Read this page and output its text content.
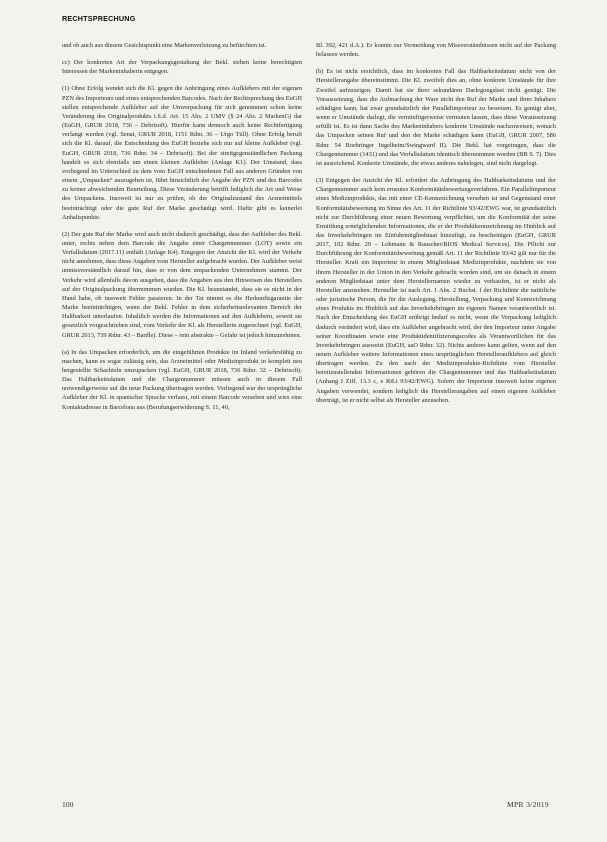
RECHTSPRECHUNG

und ob auch aus diesem Gesichtspunkt eine Markenverletzung zu befürchten ist.

cc) Der konkreten Art der Verpackungsgestaltung der Bekl. stehen keine berechtigten Interessen der Markeninhaberin entgegen.

(1) Ohne Erfolg wendet sich die Kl. gegen die Anbringung eines Aufklebers mit der eigenen PZN des Importeurs und eines entsprechenden Barcodes. Nach der Rechtsprechung des EuGH stellen entsprechende Aufkleber auf der Umverpackung für sich genommen schon keine Veränderung des Originalprodukts i.S.d. Art. 15 Abs. 2 UMV (§ 24 Abs. 2 MarkenG) dar (EuGH, GRUR 2018, 736 – Debrisoft). Hierfür kann dennoch auch keine Rechtfertigung verlangt werden (vgl. Senat, GRUR 2018, 1151 Rdnr. 36 – Urgo Tüll). Ohne Erfolg beruft sich die Kl. darauf, die Entscheidung des EuGH beziehe sich nur auf kleine Aufkleber (vgl. EuGH, GRUR 2018, 736 Rdnr. 34 – Debrisoft). Bei der streitgegenständlichen Packung handelt es sich ebenfalls um einen kleinen Aufkleber (Anlage K1). Der Umstand, dass vorliegend im Unterschied zu dem vom EuGH entschiedenen Fall aus anderen Gründen von einem „Umpacken“ auszugehen ist, führt hinsichtlich der Angabe der PZN und des Barcodes zu keiner abweichenden Beurteilung. Diese Veränderung betrifft lediglich die Art und Weise des Umpackens. Insoweit ist nur zu prüfen, ob der Originalzustand des Arzneimittels beeinträchtigt oder die gute Ruf der Marke geschädigt wird. Dafür gibt es keinerlei Anhaltspunkte.

(2) Der gute Ruf der Marke wird auch nicht dadurch geschädigt, dass der Aufkleber des Bekl. unter, rechts neben dem Barcode die Angabe einer Chargennummer (LOT) sowie ein Verfallsdatum (2017.11) enthält (Anlage K4). Entgegen der Ansicht der Kl. wird der Verkehr nicht annehmen, dass diese Angaben vom Hersteller aufgebracht wurden. Der Aufkleber weist unmissverständlich darauf hin, dass er von dem umpackenden Unternehmen stammt. Der Verkehr wird allenfalls davon ausgehen, dass die Angaben aus den Hinweisen des Herstellers auf der Originalpackung übernommen wurden. Die Kl. beanstandet, dass sie es nicht in der Hand habe, ob insoweit Fehler passieren. In der Tat nimmt es die Herkunftsgarantie der Marke beeinträchtigen, wenn der Bekl. Fehler in dem sicherheitsrelevanten Bereich der Haltbarkeit unterlaufen. Inhaltlich werden die Informationen auf den Aufklebern, soweit sie gesetzlich vorgeschrieben sind, vom Verkehr der Kl. als Herstellerin zugerechnet (vgl. EuGH, GRUR 2013, 739 Rdnr. 43 – Bardle). Diese – rein abstrakte – Gefahr ist jedoch hinzunehmen.

(a) In das Umpacken erforderlich, um die eingeführten Produkte im Inland verkehrsfähig zu machen, kann es sogar zulässig sein, das Arzneimittel oder Medizinprodukt in komplett neu hergestellte Schachteln umzupacken (vgl. EuGH, GRUR 2018, 736 Rdnr. 32 – Debrisoft). Das Haltbarkeitsdatum und die Chargennummer müssen auch in diesem Fall notwendigerweise auf die neue Packung übertragen werden. Vorliegend war der ursprüngliche Aufkleber der Kl. in spanischer Sprache verfasst, mit einem Barcode versehen und wies eine Kontaktadresse in Barcelona aus (Berufungserwiderung S. 11, 40,

Bl. 392, 421 d.A.). Er konnte zur Vermeidung von Missverständnissen nicht auf der Packung belassen werden.

(b) Es ist nicht ersichtlich, dass im konkreten Fall das Haltbarkeitsdatum nicht von der Herstellerangabe übereinstimmt. Die Kl. zweifelt dies an, ohne konkrete Umstände für ihre Zweifel aufzuzeigen. Damit hat sie ihrer sekundären Darlegungslast nicht genügt. Die Voraussetzung, dass die Aufmachung der Ware nicht den Ruf der Marke und ihres Inhabers schädigen kann, hat zwar grundsätzlich der Parallelimporteur zu beweisen. Es genügt aber, wenn er Umstände darlegt, die vernünftigerweise vermuten lassen, dass diese Voraussetzung erfüllt ist. Es ist dann Sache des Markeninhabers konkrete Umstände nachzuweisen, wonach das Umpacken seinen Ruf und den der Marke schädigen kann (EuGH, GRUR 2007, 586 Rdnr. 54 Boehringer Ingelheim/Swingward II). Die Bekl. hat vorgetragen, dass die Chargennummer (1431) und das Verfallsdatum identisch übernommen worden (BB S. 7). Dies ist ausreichend. Konkrete Umstände, die etwas anderes nahelegen, sind nicht dargelegt.

(3) Entgegen der Ansicht der Kl. erfordert die Anbringung des Haltbarkeitsdatums und der Chargennummer auch kein erneutes Konformitätsbewertungsverfahren. Ein Parallelimporteur eines Medizinprodukts, das mit einer CE-Kennzeichnung versehen ist und Gegenstand einer Konformitätsbewertung im Sinne des Art. 11 der Richtlinie 93/42/EWG war, ist grundsätzlich nicht zur Durchführung einer neuen Bewertung verpflichtet, um die Konformität der seine Ermittlung ermöglichenden Informationen, die er der Produktkennzeichnung im Hinblick auf das Inverkehrbringen im Einfuhrmitgliedstaat hinzufügt, zu bescheinigen (EuGH, GRUR 2017, 102 Rdnr. 29 – Lohmann & Rauscher/BIOS Medical Services). Die Pflicht zur Durchführung der Konformitätsbewertung gemäß Art. 11 der Richtlinie 93/42 gilt nur für die Hersteller. Kraft ein Importeur in einem Mitgliedstaat Medizinprodukte, nachdem sie von ihrem Hersteller in der Union in den Verkehr gebracht worden sind, um sie danach in einem anderen Mitgliedstaat unter dem Herstellernamen wieder zu verkaufen, ist er nicht als Hersteller anzusehen. Hersteller ist nach Art. 1 Abs. 2 Buchst. f der Richtlinie die natürliche oder juristische Person, die für die Auslegung, Herstellung, Verpackung und Kennzeichnung eines Produkts im Hinblick auf das Inverkehrbringen im eigenen Namen verantwortlich ist. Nach der Entscheidung des EuGH erübrigt bedarf es nicht, wenn die Verpackung lediglich dadurch verändert wird, dass ein Aufkleber angebracht wird, der den Importeur unter Angabe seiner Koordinaten sowie eine Produktidentifizierungscodes als Verantwortlichen für das Inverkehrbringen ausweist (EuGH, aaO Rdnr. 32). Nichts anderes kann gelten, wenn auf den neuen Aufkleber weitere Informationen eines ursprünglichen Herstelleraufklebers auf gleich übertragen werden. Zu den nach der Medizinprodukte-Richtlinie vom Hersteller bereitzustellenden Informationen gehören die Chargennummer und das Haltbarkeitsdatum (Anhang I Ziff. 13.3 c, e RiLi 93/42/EWG). Sofern der Importeur insoweit keine eigenen Angaben verwendet, sondern lediglich die Herstellerangaben auf einen eigenen Aufkleber überträgt, ist er nicht selbst als Hersteller anzusehen.

100	MPR 3/2019
